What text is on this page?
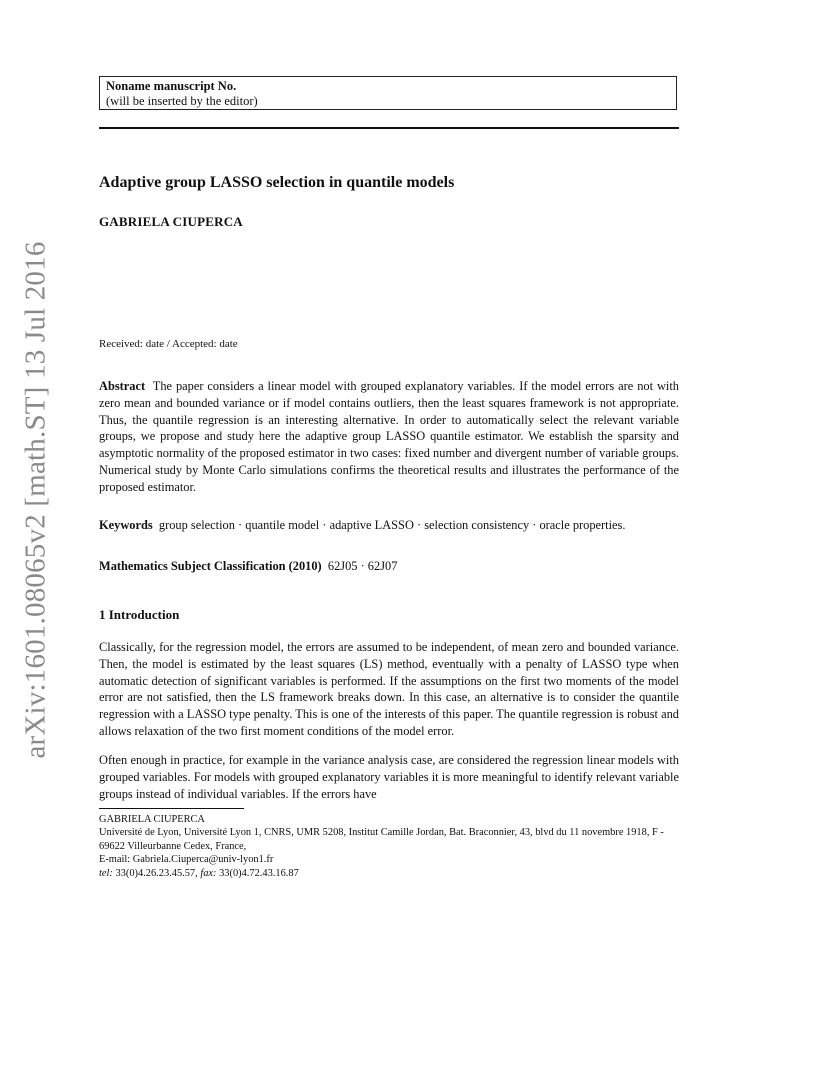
Noname manuscript No.
(will be inserted by the editor)
arXiv:1601.08065v2 [math.ST] 13 Jul 2016
Adaptive group LASSO selection in quantile models
GABRIELA CIUPERCA
Received: date / Accepted: date

Abstract The paper considers a linear model with grouped explanatory variables. If the model errors are not with zero mean and bounded variance or if model contains outliers, then the least squares framework is not appropriate. Thus, the quantile regression is an interesting alternative. In order to automatically select the relevant variable groups, we propose and study here the adaptive group LASSO quantile estimator. We establish the sparsity and asymptotic normality of the proposed estimator in two cases: fixed number and divergent number of variable groups. Numerical study by Monte Carlo simulations confirms the theoretical results and illustrates the performance of the proposed estimator.

Keywords group selection · quantile model · adaptive LASSO · selection consistency · oracle properties.

Mathematics Subject Classification (2010) 62J05 · 62J07

1 Introduction

Classically, for the regression model, the errors are assumed to be independent, of mean zero and bounded variance. Then, the model is estimated by the least squares (LS) method, eventually with a penalty of LASSO type when automatic detection of significant variables is performed. If the assumptions on the first two moments of the model error are not satisfied, then the LS framework breaks down. In this case, an alternative is to consider the quantile regression with a LASSO type penalty. This is one of the interests of this paper. The quantile regression is robust and allows relaxation of the two first moment conditions of the model error.

Often enough in practice, for example in the variance analysis case, are considered the regression linear models with grouped variables. For models with grouped explanatory variables it is more meaningful to identify relevant variable groups instead of individual variables. If the errors have

GABRIELA CIUPERCA
Université de Lyon, Université Lyon 1, CNRS, UMR 5208, Institut Camille Jordan, Bat. Braconnier, 43, blvd du 11 novembre 1918, F - 69622 Villeurbanne Cedex, France,
E-mail: Gabriela.Ciuperca@univ-lyon1.fr
tel: 33(0)4.26.23.45.57, fax: 33(0)4.72.43.16.87
